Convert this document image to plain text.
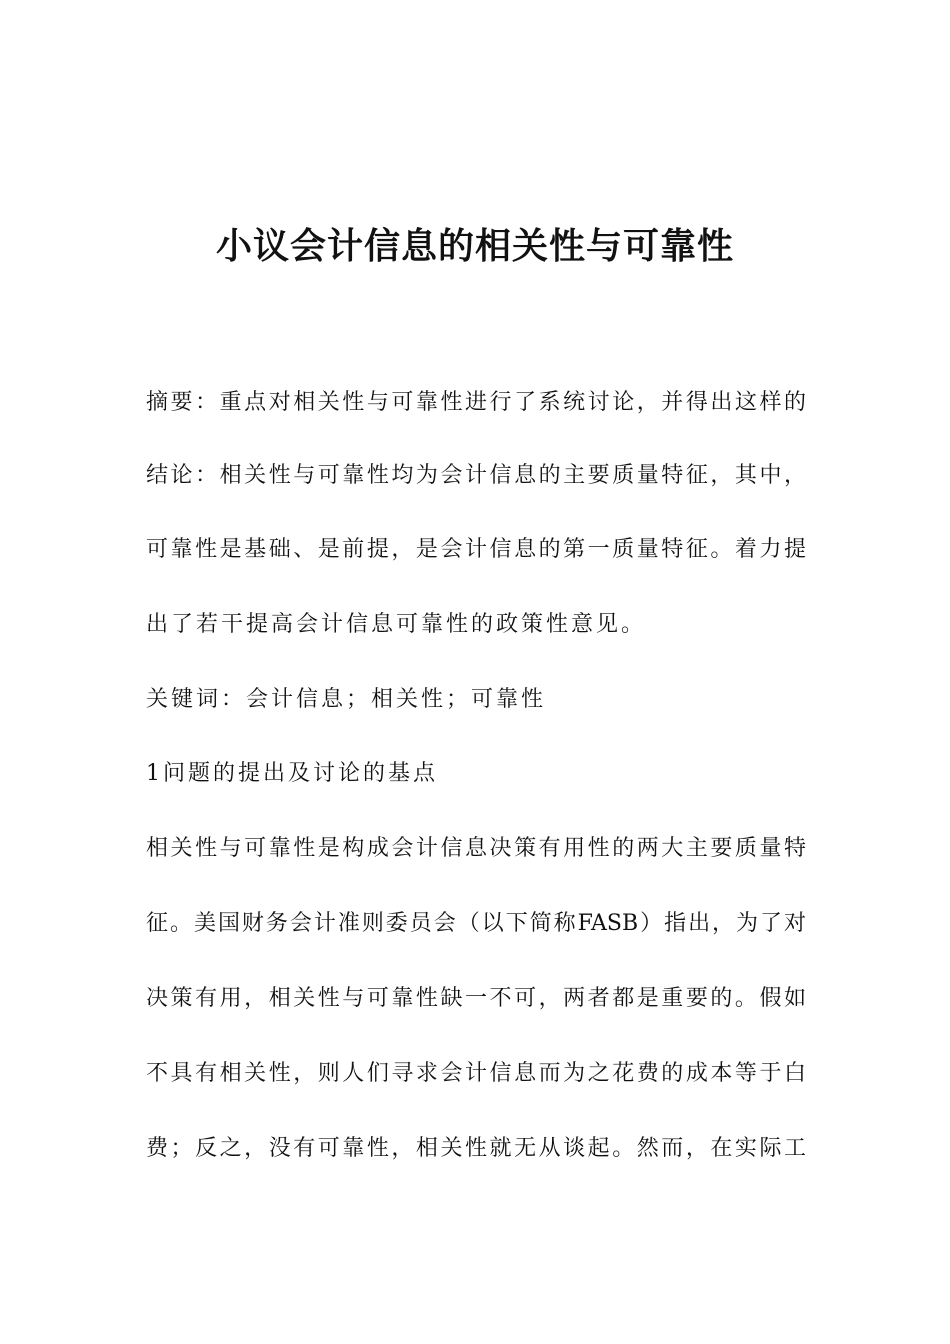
小议会计信息的相关性与可靠性

摘要：重点对相关性与可靠性进行了系统讨论，并得出这样的

结论：相关性与可靠性均为会计信息的主要质量特征，其中，

可靠性是基础、是前提，是会计信息的第一质量特征。着力提

出了若干提高会计信息可靠性的政策性意见。

关键词：会计信息；相关性；可靠性

1问题的提出及讨论的基点

相关性与可靠性是构成会计信息决策有用性的两大主要质量特

征。美国财务会计准则委员会（以下简称FASB）指出，为了对

决策有用，相关性与可靠性缺一不可，两者都是重要的。假如

不具有相关性，则人们寻求会计信息而为之花费的成本等于白

费；反之，没有可靠性，相关性就无从谈起。然而，在实际工
